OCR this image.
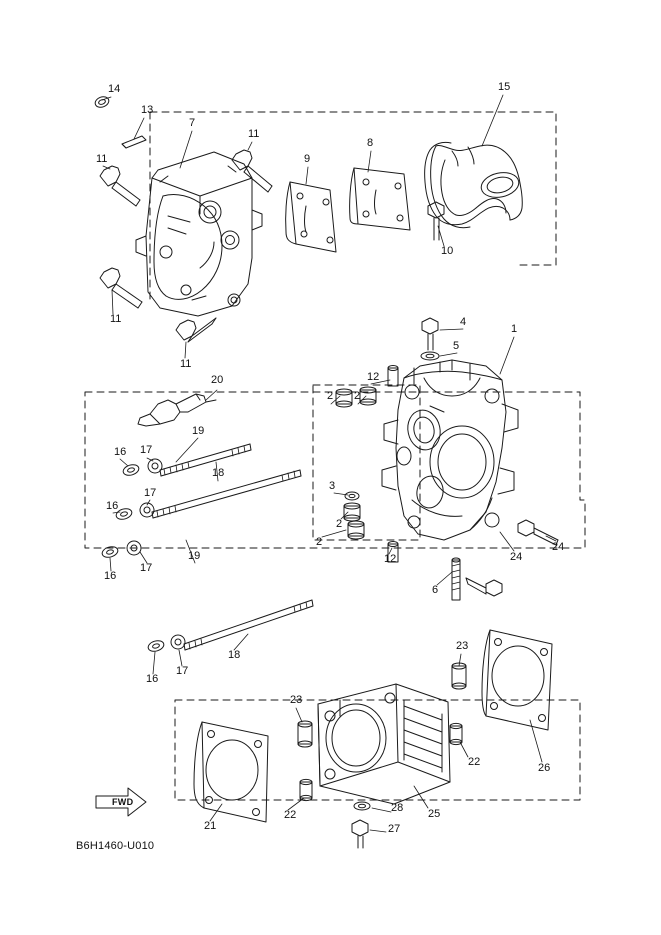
14
13
7
11
9
8
15
11
10
11
11
4
1
5
12
2 2
20
19
16 17
18
3
17
16
2
2
12	24
24
19
16
17
6
18
17
16
23
23
22	26
22	25
28
21	27
FWD
B6H1460-U010
